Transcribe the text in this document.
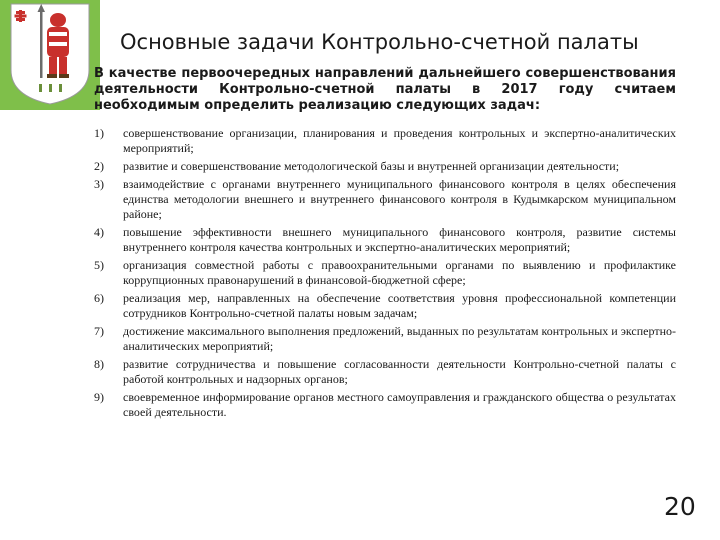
Основные задачи Контрольно-счетной палаты
В качестве первоочередных направлений дальнейшего совершенствования деятельности Контрольно-счетной палаты в 2017 году считаем необходимым определить реализацию следующих задач:
1)	совершенствование организации, планирования и проведения контрольных и экспертно-аналитических мероприятий;
2)	развитие и совершенствование методологической базы и внутренней организации деятельности;
3)	взаимодействие с органами внутреннего муниципального финансового контроля в целях обеспечения единства методологии внешнего и внутреннего финансового контроля в Кудымкарском муниципальном районе;
4)	повышение эффективности внешнего муниципального финансового контроля, развитие системы внутреннего контроля качества контрольных и экспертно-аналитических мероприятий;
5)	организация совместной работы с правоохранительными органами по выявлению и профилактике коррупционных правонарушений в финансовой-бюджетной сфере;
6)	реализация мер, направленных на обеспечение соответствия уровня профессиональной компетенции сотрудников Контрольно-счетной палаты новым задачам;
7)	достижение максимального выполнения предложений, выданных по результатам контрольных и экспертно-аналитических мероприятий;
8)	развитие сотрудничества и повышение согласованности деятельности Контрольно-счетной палаты с работой контрольных и надзорных органов;
9)	своевременное информирование органов местного самоуправления и гражданского общества о результатах своей деятельности.
20
